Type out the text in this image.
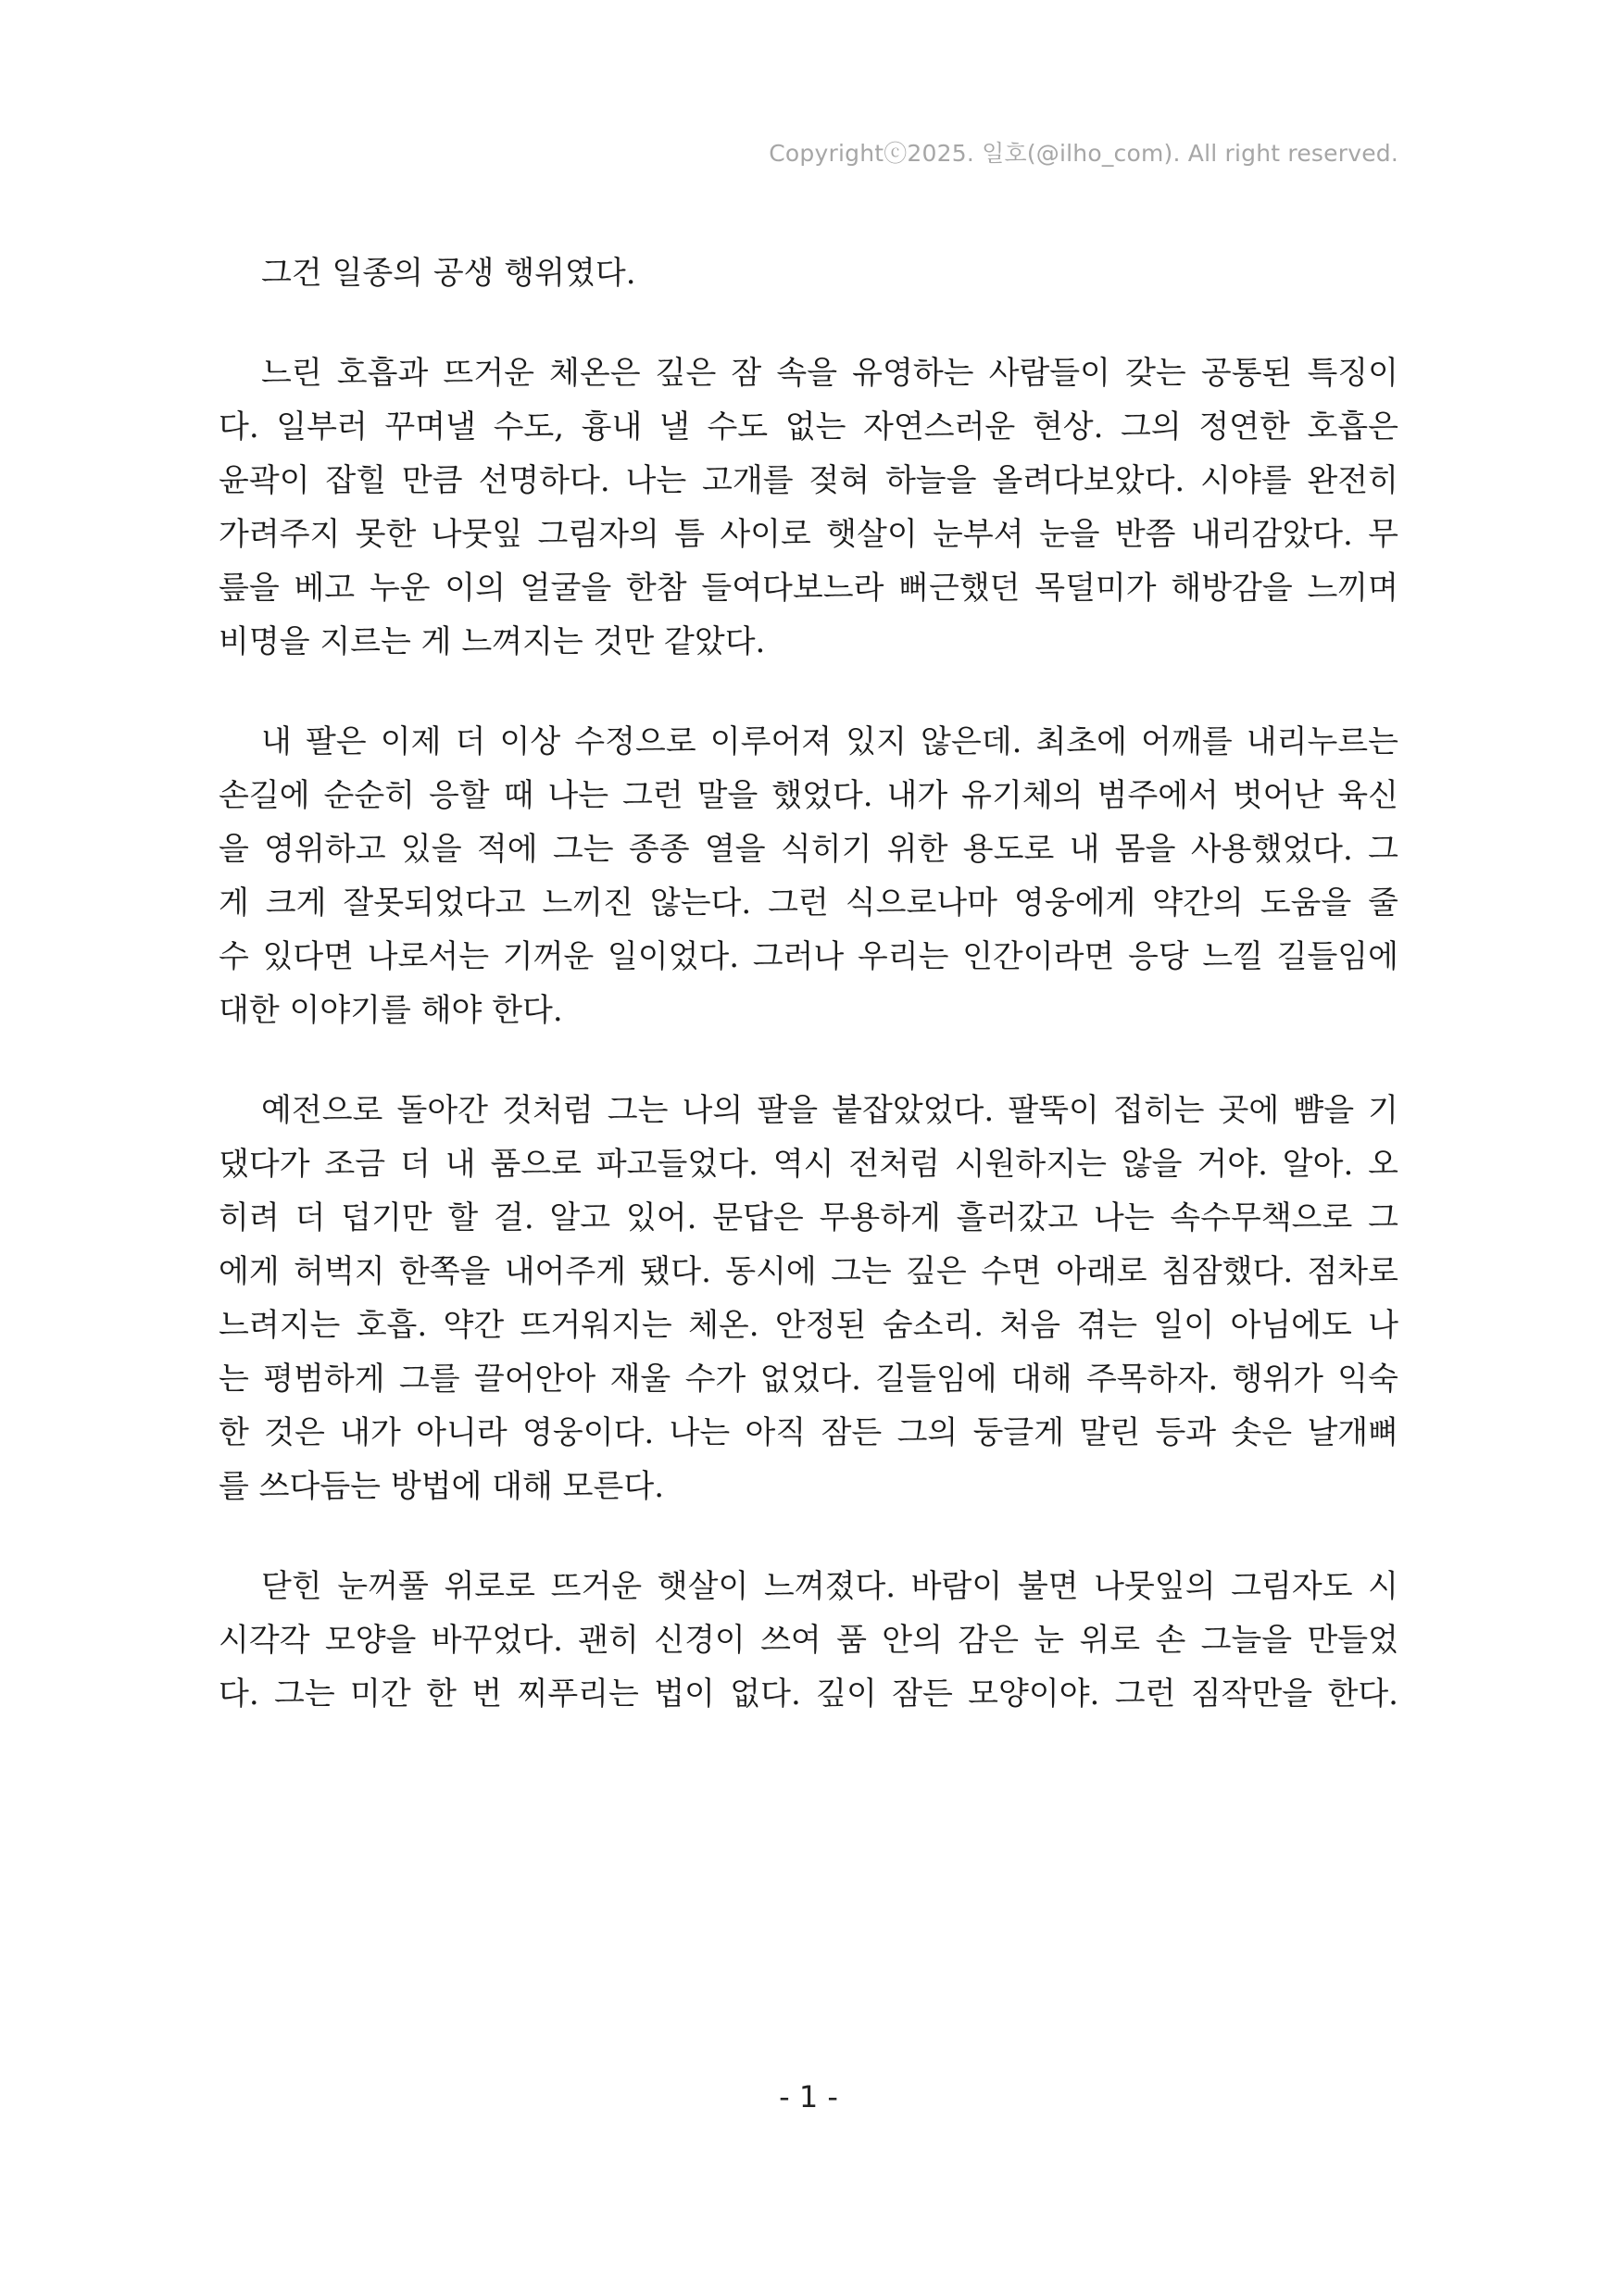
Copyrightⓒ2025. 일호(@ilho_com). All right reserved.
그건 일종의 공생 행위였다.
느린 호흡과 뜨거운 체온은 깊은 잠 속을 유영하는 사람들이 갖는 공통된 특징이
다. 일부러 꾸며낼 수도, 흉내 낼 수도 없는 자연스러운 현상. 그의 정연한 호흡은
윤곽이 잡힐 만큼 선명하다. 나는 고개를 젖혀 하늘을 올려다보았다. 시야를 완전히
가려주지 못한 나뭇잎 그림자의 틈 사이로 햇살이 눈부셔 눈을 반쯤 내리감았다. 무
릎을 베고 누운 이의 얼굴을 한참 들여다보느라 뻐근했던 목덜미가 해방감을 느끼며
비명을 지르는 게 느껴지는 것만 같았다.
내 팔은 이제 더 이상 수정으로 이루어져 있지 않은데. 최초에 어깨를 내리누르는
손길에 순순히 응할 때 나는 그런 말을 했었다. 내가 유기체의 범주에서 벗어난 육신
을 영위하고 있을 적에 그는 종종 열을 식히기 위한 용도로 내 몸을 사용했었다. 그
게 크게 잘못되었다고 느끼진 않는다. 그런 식으로나마 영웅에게 약간의 도움을 줄
수 있다면 나로서는 기꺼운 일이었다. 그러나 우리는 인간이라면 응당 느낄 길들임에
대한 이야기를 해야 한다.
예전으로 돌아간 것처럼 그는 나의 팔을 붙잡았었다. 팔뚝이 접히는 곳에 뺨을 기
댔다가 조금 더 내 품으로 파고들었다. 역시 전처럼 시원하지는 않을 거야. 알아. 오
히려 더 덥기만 할 걸. 알고 있어. 문답은 무용하게 흘러갔고 나는 속수무책으로 그
에게 허벅지 한쪽을 내어주게 됐다. 동시에 그는 깊은 수면 아래로 침잠했다. 점차로
느려지는 호흡. 약간 뜨거워지는 체온. 안정된 숨소리. 처음 겪는 일이 아님에도 나
는 평범하게 그를 끌어안아 재울 수가 없었다. 길들임에 대해 주목하자. 행위가 익숙
한 것은 내가 아니라 영웅이다. 나는 아직 잠든 그의 둥글게 말린 등과 솟은 날개뼈
를 쓰다듬는 방법에 대해 모른다.
닫힌 눈꺼풀 위로로 뜨거운 햇살이 느껴졌다. 바람이 불면 나뭇잎의 그림자도 시
시각각 모양을 바꾸었다. 괜히 신경이 쓰여 품 안의 감은 눈 위로 손 그늘을 만들었
다. 그는 미간 한 번 찌푸리는 법이 없다. 깊이 잠든 모양이야. 그런 짐작만을 한다.
- 1 -
